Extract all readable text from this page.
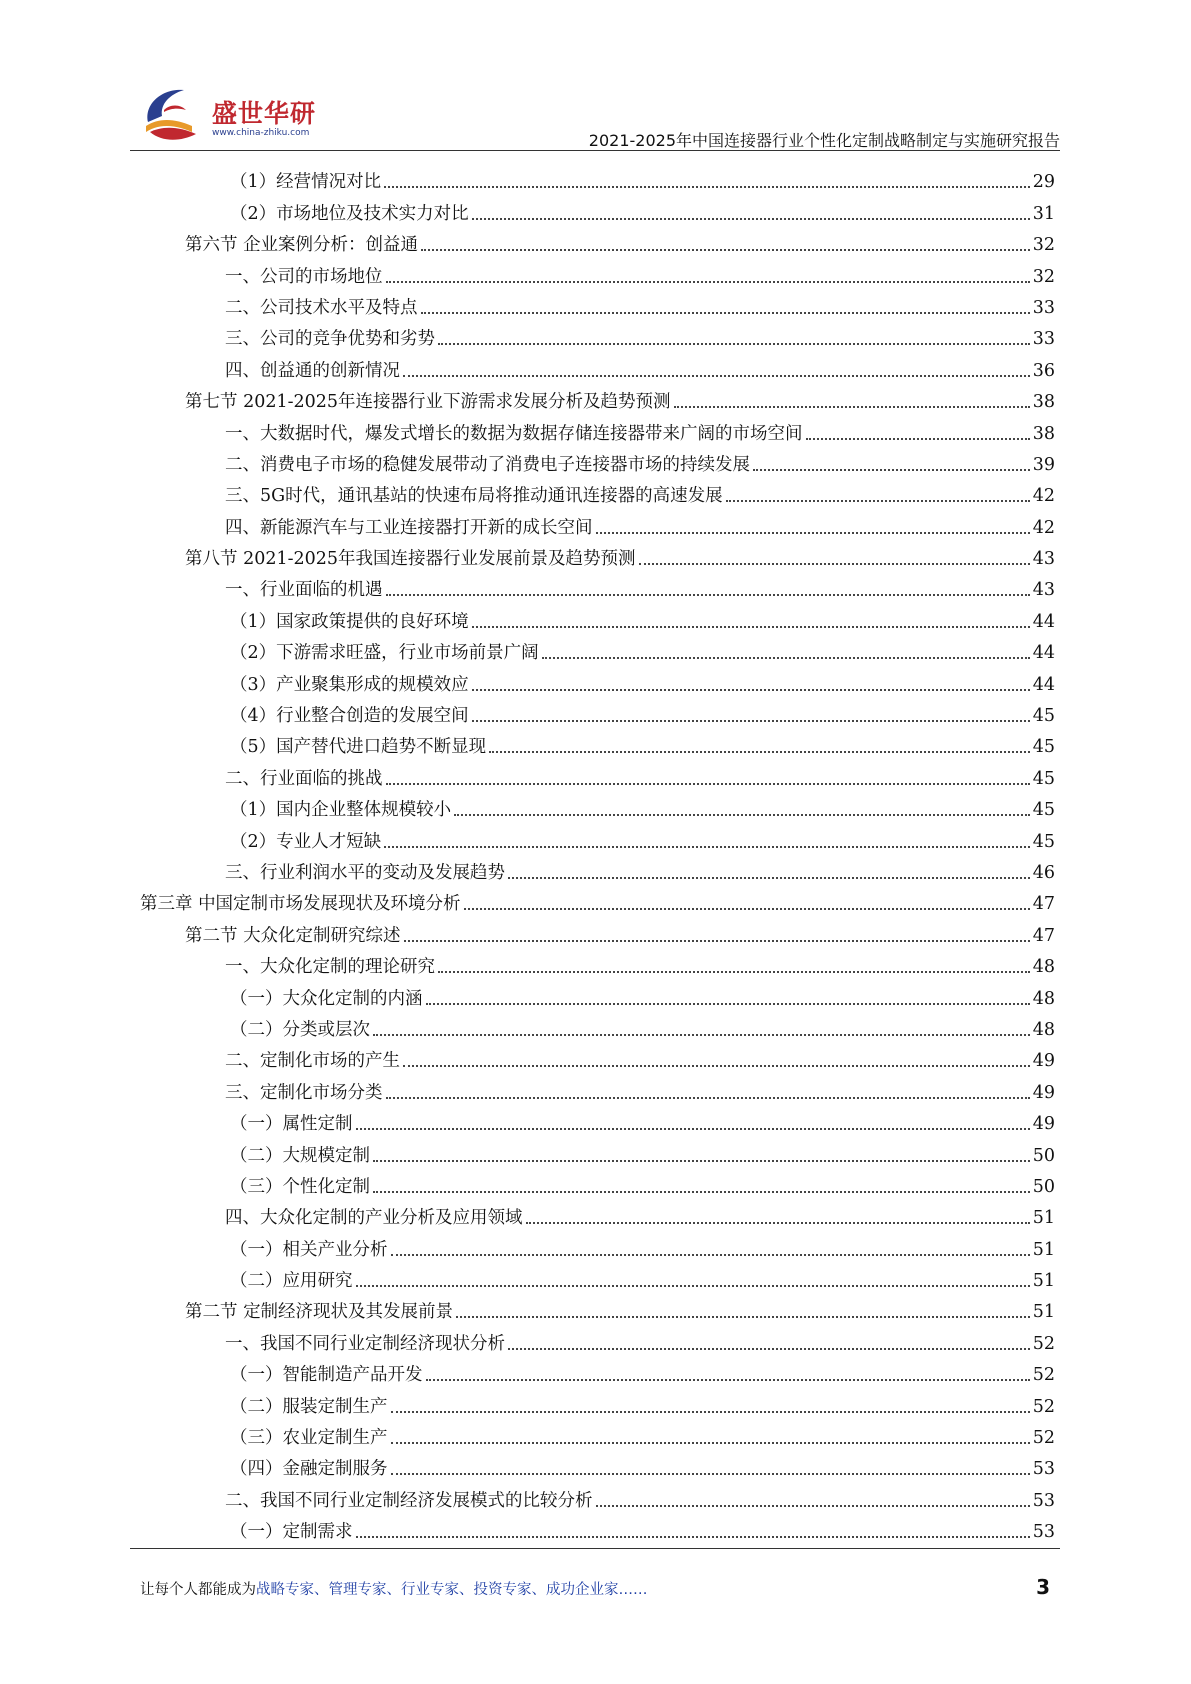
盛世华研
www.china-zhiku.com	2021-2025年中国连接器行业个性化定制战略制定与实施研究报告
（1）经营情况对比	29
（2）市场地位及技术实力对比	31
第六节 企业案例分析：创益通	32
一、公司的市场地位	32
二、公司技术水平及特点	33
三、公司的竞争优势和劣势	33
四、创益通的创新情况	36
第七节 2021-2025年连接器行业下游需求发展分析及趋势预测	38
一、大数据时代，爆发式增长的数据为数据存储连接器带来广阔的市场空间	38
二、消费电子市场的稳健发展带动了消费电子连接器市场的持续发展	39
三、5G时代，通讯基站的快速布局将推动通讯连接器的高速发展	42
四、新能源汽车与工业连接器打开新的成长空间	42
第八节 2021-2025年我国连接器行业发展前景及趋势预测	43
一、行业面临的机遇	43
（1）国家政策提供的良好环境	44
（2）下游需求旺盛，行业市场前景广阔	44
（3）产业聚集形成的规模效应	44
（4）行业整合创造的发展空间	45
（5）国产替代进口趋势不断显现	45
二、行业面临的挑战	45
（1）国内企业整体规模较小	45
（2）专业人才短缺	45
三、行业利润水平的变动及发展趋势	46
第三章 中国定制市场发展现状及环境分析	47
第二节 大众化定制研究综述	47
一、大众化定制的理论研究	48
（一）大众化定制的内涵	48
（二）分类或层次	48
二、定制化市场的产生	49
三、定制化市场分类	49
（一）属性定制	49
（二）大规模定制	50
（三）个性化定制	50
四、大众化定制的产业分析及应用领域	51
（一）相关产业分析	51
（二）应用研究	51
第二节 定制经济现状及其发展前景	51
一、我国不同行业定制经济现状分析	52
（一）智能制造产品开发	52
（二）服装定制生产	52
（三）农业定制生产	52
（四）金融定制服务	53
二、我国不同行业定制经济发展模式的比较分析	53
（一）定制需求	53
让每个人都能成为战略专家、管理专家、行业专家、投资专家、成功企业家……	3
